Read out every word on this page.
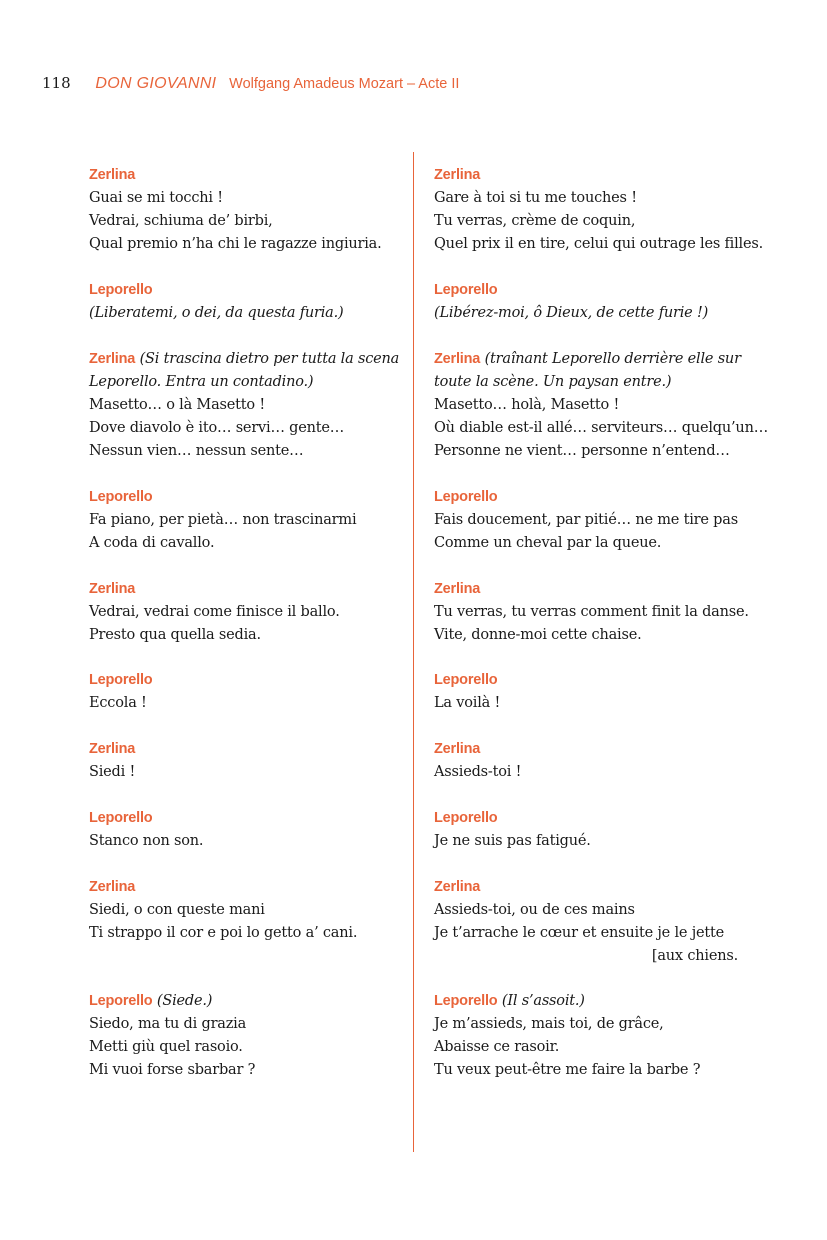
118 DON GIOVANNI Wolfgang Amadeus Mozart – Acte II
Zerlina
Guai se mi tocchi !
Vedrai, schiuma de’ birbi,
Qual premio n’ha chi le ragazze ingiuria.
Leporello
(Liberatemi, o dei, da questa furia.)
Zerlina (Si trascina dietro per tutta la scena
Leporello. Entra un contadino.)
Masetto… o là Masetto !
Dove diavolo è ito… servi… gente…
Nessun vien… nessun sente…
Leporello
Fa piano, per pietà… non trascinarmi
A coda di cavallo.
Zerlina
Vedrai, vedrai come finisce il ballo.
Presto qua quella sedia.
Leporello
Eccola !
Zerlina
Siedi !
Leporello
Stanco non son.
Zerlina
Siedi, o con queste mani
Ti strappo il cor e poi lo getto a’ cani.
Leporello (Siede.)
Siedo, ma tu di grazia
Metti giù quel rasoio.
Mi vuoi forse sbarbar ?
Zerlina
Gare à toi si tu me touches !
Tu verras, crème de coquin,
Quel prix il en tire, celui qui outrage les filles.
Leporello
(Libérez-moi, ô Dieux, de cette furie !)
Zerlina (traînant Leporello derrière elle sur
toute la scène. Un paysan entre.)
Masetto… holà, Masetto !
Où diable est-il allé… serviteurs… quelqu’un…
Personne ne vient… personne n’entend…
Leporello
Fais doucement, par pitié… ne me tire pas
Comme un cheval par la queue.
Zerlina
Tu verras, tu verras comment finit la danse.
Vite, donne-moi cette chaise.
Leporello
La voilà !
Zerlina
Assieds-toi !
Leporello
Je ne suis pas fatigué.
Zerlina
Assieds-toi, ou de ces mains
Je t’arrache le cœur et ensuite je le jette
[aux chiens.
Leporello (Il s’assoit.)
Je m’assieds, mais toi, de grâce,
Abaisse ce rasoir.
Tu veux peut-être me faire la barbe ?
